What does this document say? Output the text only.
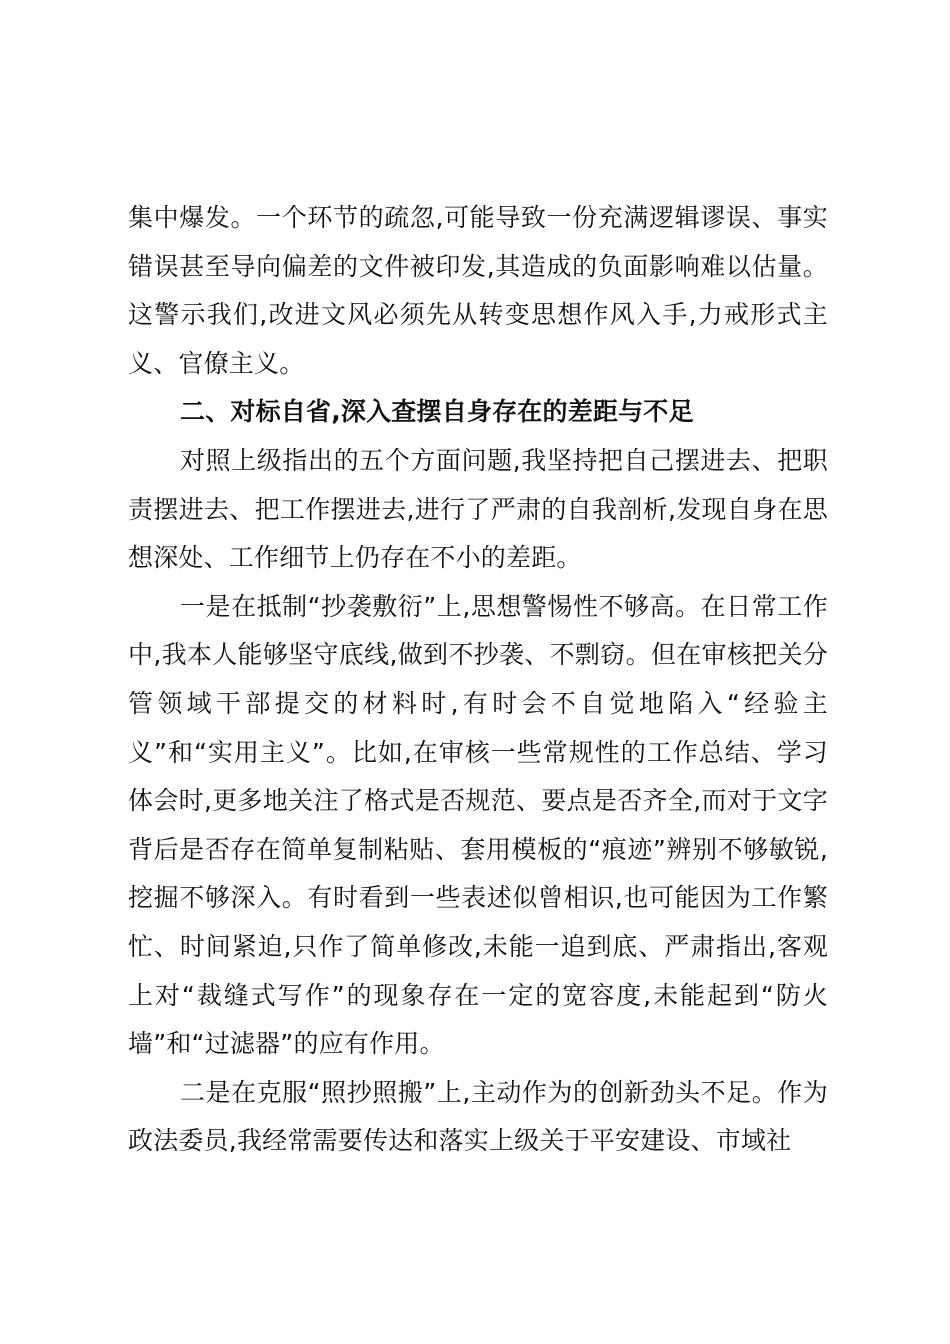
集中爆发。一个环节的疏忽,可能导致一份充满逻辑谬误、事实错误甚至导向偏差的文件被印发,其造成的负面影响难以估量。这警示我们,改进文风必须先从转变思想作风入手,力戒形式主义、官僚主义。

二、对标自省,深入查摆自身存在的差距与不足

对照上级指出的五个方面问题,我坚持把自己摆进去、把职责摆进去、把工作摆进去,进行了严肃的自我剖析,发现自身在思想深处、工作细节上仍存在不小的差距。

一是在抵制“抄袭敷衍”上,思想警惕性不够高。在日常工作中,我本人能够坚守底线,做到不抄袭、不剽窃。但在审核把关分管领域干部提交的材料时,有时会不自觉地陷入“经验主义”和“实用主义”。比如,在审核一些常规性的工作总结、学习体会时,更多地关注了格式是否规范、要点是否齐全,而对于文字背后是否存在简单复制粘贴、套用模板的“痕迹”辨别不够敏锐,挖掘不够深入。有时看到一些表述似曾相识,也可能因为工作繁忙、时间紧迫,只作了简单修改,未能一追到底、严肃指出,客观上对“裁缝式写作”的现象存在一定的宽容度,未能起到“防火墙”和“过滤器”的应有作用。

二是在克服“照抄照搬”上,主动作为的创新劲头不足。作为政法委员,我经常需要传达和落实上级关于平安建设、市域社
